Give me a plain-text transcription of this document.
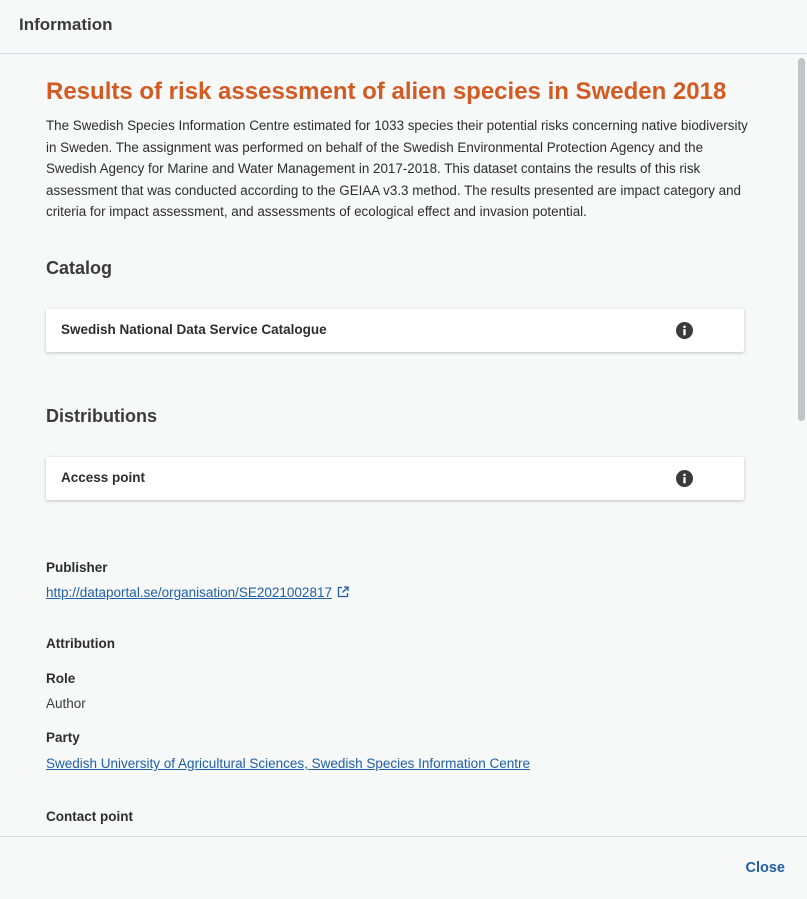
Information
Results of risk assessment of alien species in Sweden 2018

The Swedish Species Information Centre estimated for 1033 species their potential risks concerning native biodiversity in Sweden. The assignment was performed on behalf of the Swedish Environmental Protection Agency and the Swedish Agency for Marine and Water Management in 2017-2018. This dataset contains the results of this risk assessment that was conducted according to the GEIAA v3.3 method. The results presented are impact category and criteria for impact assessment, and assessments of ecological effect and invasion potential.

Catalog
Swedish National Data Service Catalogue
Distributions
Access point
Publisher
http://dataportal.se/organisation/SE2021002817
Attribution
Role
Author
Party
Swedish University of Agricultural Sciences, Swedish Species Information Centre
Contact point
Close
